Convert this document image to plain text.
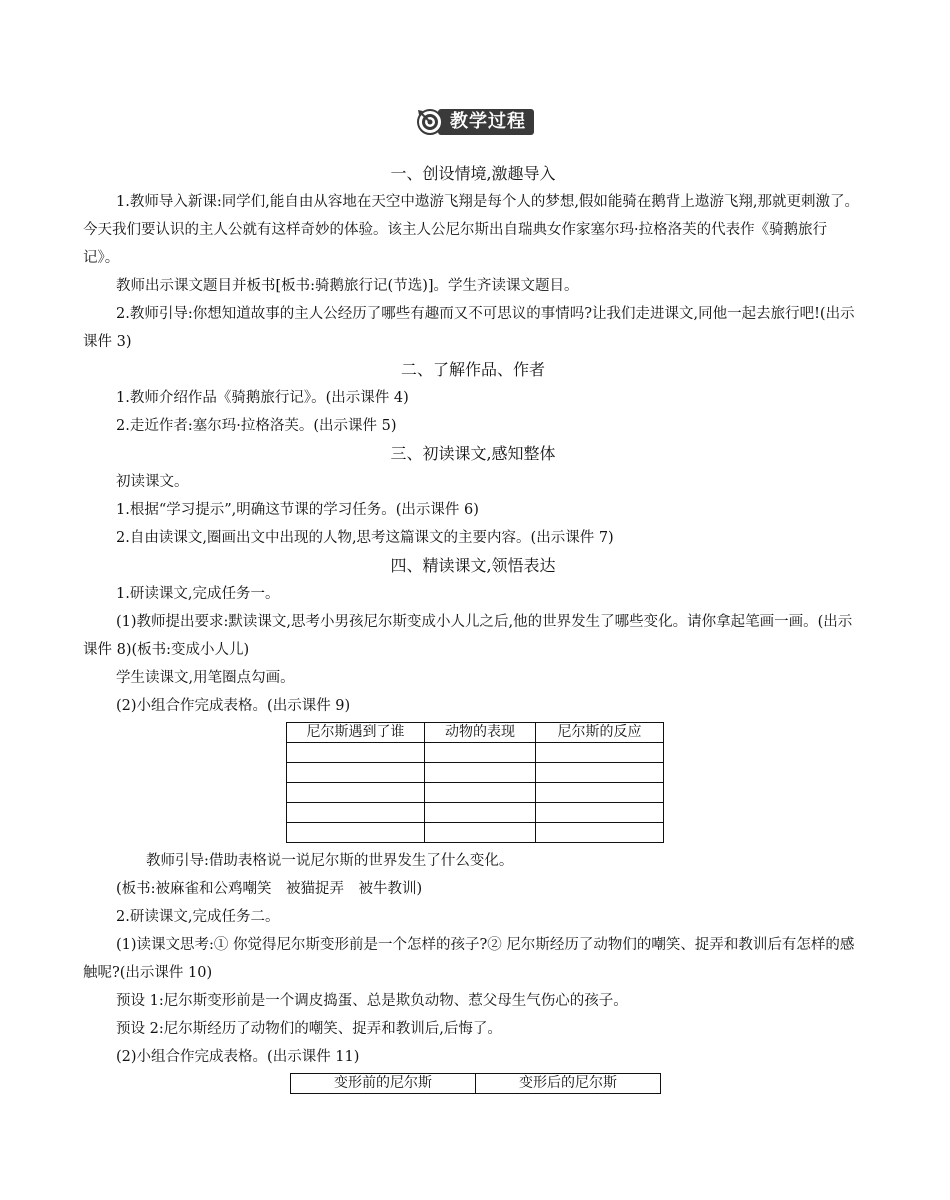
教学过程

一、创设情境,激趣导入

1.教师导入新课:同学们,能自由从容地在天空中遨游飞翔是每个人的梦想,假如能骑在鹅背上遨游飞翔,那就更刺激了。今天我们要认识的主人公就有这样奇妙的体验。该主人公尼尔斯出自瑞典女作家塞尔玛·拉格洛芙的代表作《骑鹅旅行记》。

教师出示课文题目并板书[板书:骑鹅旅行记(节选)]。学生齐读课文题目。

2.教师引导:你想知道故事的主人公经历了哪些有趣而又不可思议的事情吗?让我们走进课文,同他一起去旅行吧!(出示课件 3)

二、了解作品、作者

1.教师介绍作品《骑鹅旅行记》。(出示课件 4)

2.走近作者:塞尔玛·拉格洛芙。(出示课件 5)

三、初读课文,感知整体

初读课文。

1.根据“学习提示”,明确这节课的学习任务。(出示课件 6)

2.自由读课文,圈画出文中出现的人物,思考这篇课文的主要内容。(出示课件 7)

四、精读课文,领悟表达

1.研读课文,完成任务一。

(1)教师提出要求:默读课文,思考小男孩尼尔斯变成小人儿之后,他的世界发生了哪些变化。请你拿起笔画一画。(出示课件 8)(板书:变成小人儿)

学生读课文,用笔圈点勾画。

(2)小组合作完成表格。(出示课件 9)

尼尔斯遇到了谁	动物的表现	尼尔斯的反应

教师引导:借助表格说一说尼尔斯的世界发生了什么变化。

(板书:被麻雀和公鸡嘲笑　被猫捉弄　被牛教训)

2.研读课文,完成任务二。

(1)读课文思考:① 你觉得尼尔斯变形前是一个怎样的孩子?② 尼尔斯经历了动物们的嘲笑、捉弄和教训后有怎样的感触呢?(出示课件 10)

预设 1:尼尔斯变形前是一个调皮捣蛋、总是欺负动物、惹父母生气伤心的孩子。

预设 2:尼尔斯经历了动物们的嘲笑、捉弄和教训后,后悔了。

(2)小组合作完成表格。(出示课件 11)

变形前的尼尔斯	变形后的尼尔斯
